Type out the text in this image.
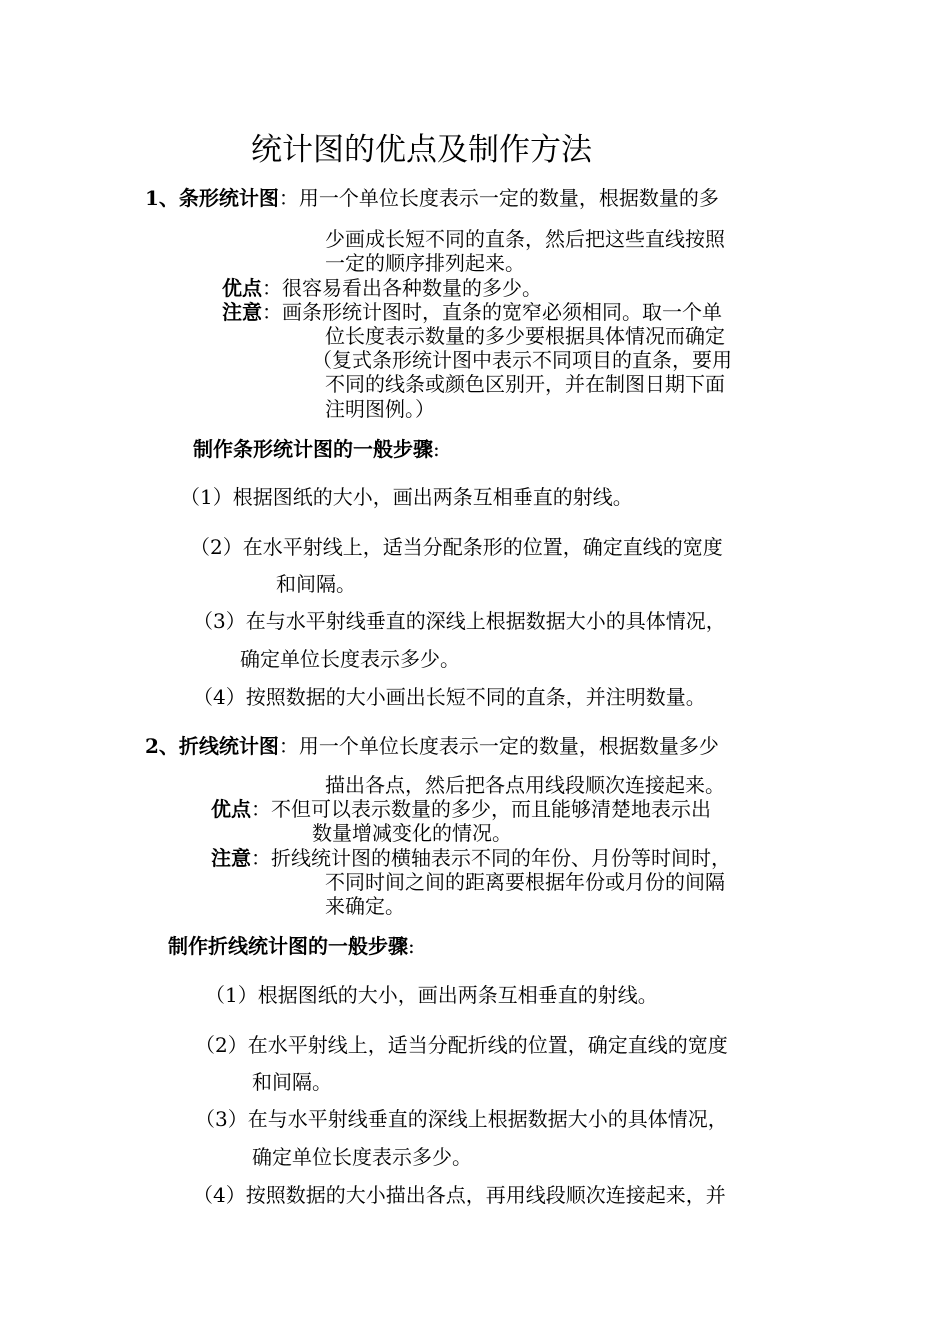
统计图的优点及制作方法
1、条形统计图：用一个单位长度表示一定的数量，根据数量的多
少画成长短不同的直条，然后把这些直线按照
一定的顺序排列起来。
优点：很容易看出各种数量的多少。
注意：画条形统计图时，直条的宽窄必须相同。取一个单
位长度表示数量的多少要根据具体情况而确定
（复式条形统计图中表示不同项目的直条，要用
不同的线条或颜色区别开，并在制图日期下面
注明图例。）
制作条形统计图的一般步骤:
（1）根据图纸的大小，画出两条互相垂直的射线。
（2）在水平射线上，适当分配条形的位置，确定直线的宽度
和间隔。
（3）在与水平射线垂直的深线上根据数据大小的具体情况，
确定单位长度表示多少。
（4）按照数据的大小画出长短不同的直条，并注明数量。
2、折线统计图：用一个单位长度表示一定的数量，根据数量多少
描出各点，然后把各点用线段顺次连接起来。
优点：不但可以表示数量的多少，而且能够清楚地表示出
数量增减变化的情况。
注意：折线统计图的横轴表示不同的年份、月份等时间时，
不同时间之间的距离要根据年份或月份的间隔
来确定。
制作折线统计图的一般步骤:
（1）根据图纸的大小，画出两条互相垂直的射线。
（2）在水平射线上，适当分配折线的位置，确定直线的宽度
和间隔。
（3）在与水平射线垂直的深线上根据数据大小的具体情况，
确定单位长度表示多少。
（4）按照数据的大小描出各点，再用线段顺次连接起来，并
